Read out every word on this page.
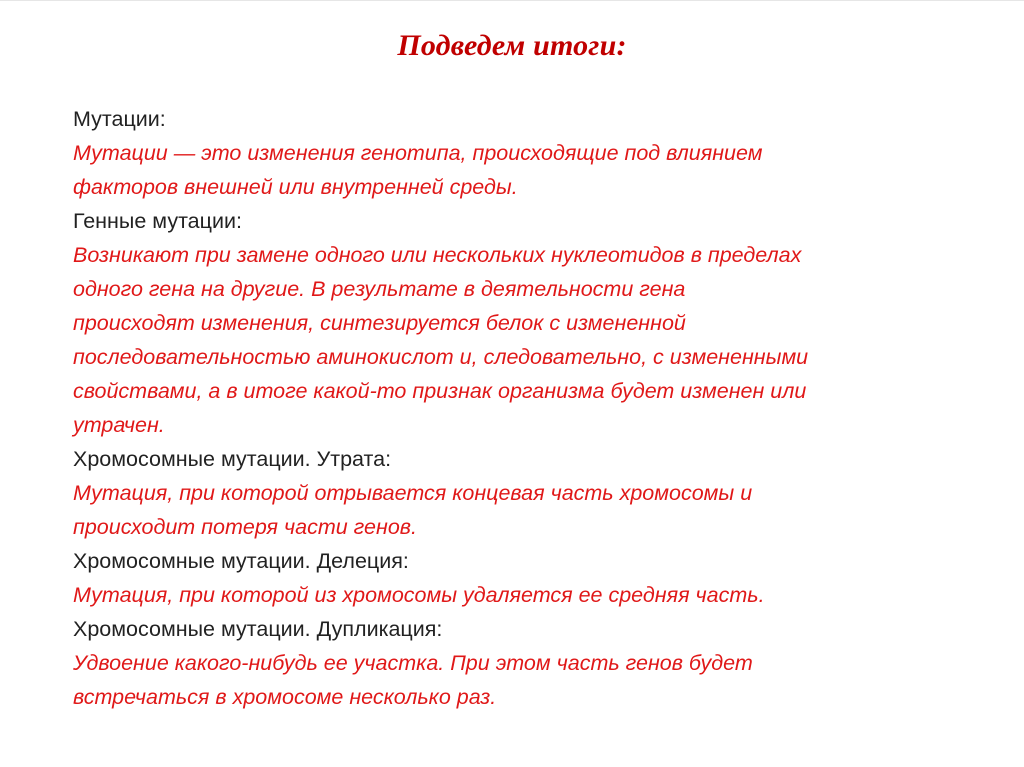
Подведем итоги:

Мутации:

Мутации — это изменения генотипа, происходящие под влиянием
факторов внешней или внутренней среды.

Генные мутации:

Возникают при замене одного или нескольких нуклеотидов в пределах
одного гена на другие. В результате в деятельности гена
происходят изменения, синтезируется белок с измененной
последовательностью аминокислот и, следовательно, с измененными
свойствами, а в итоге какой-то признак организма будет изменен или
утрачен.

Хромосомные мутации. Утрата:

Мутация, при которой отрывается концевая часть хромосомы и
происходит потеря части генов.

Хромосомные мутации. Делеция:

Мутация, при которой из хромосомы удаляется ее средняя часть.

Хромосомные мутации. Дупликация:

Удвоение какого-нибудь ее участка. При этом часть генов будет
встречаться в хромосоме несколько раз.
